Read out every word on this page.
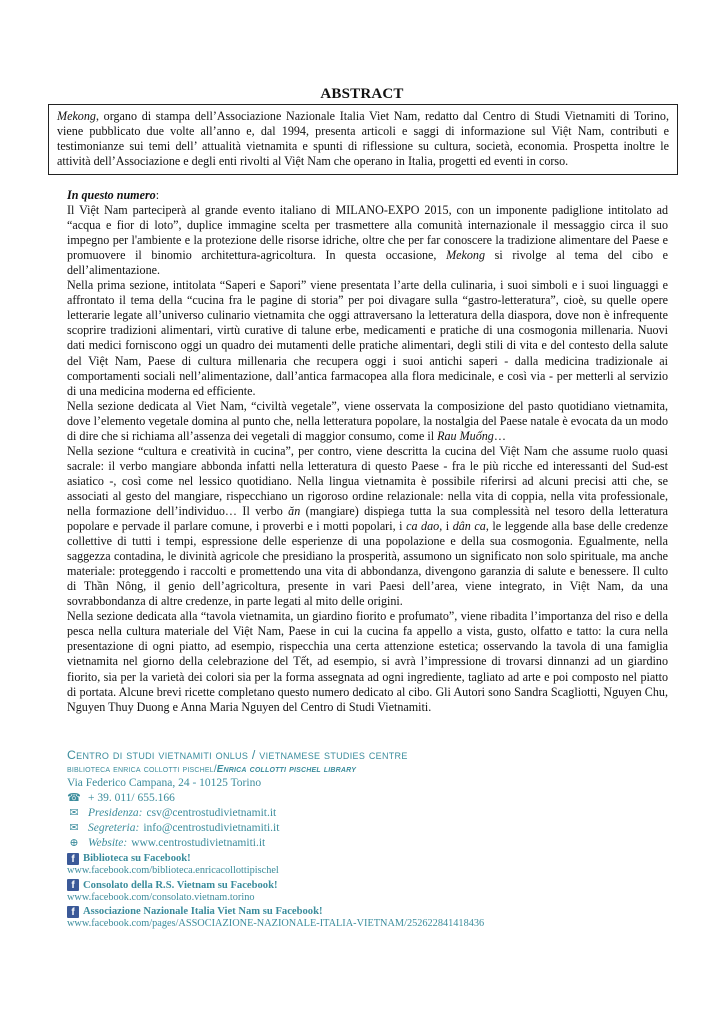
ABSTRACT
Mekong, organo di stampa dell’Associazione Nazionale Italia Viet Nam, redatto dal Centro di Studi Vietnamiti di Torino, viene pubblicato due volte all’anno e, dal 1994, presenta articoli e saggi di informazione sul Việt Nam, contributi e testimonianze sui temi dell’ attualità vietnamita e spunti di riflessione su cultura, società, economia. Prospetta inoltre le attività dell’Associazione e degli enti rivolti al Việt Nam che operano in Italia, progetti ed eventi in corso.

In questo numero:

Il Việt Nam parteciperà al grande evento italiano di MILANO-EXPO 2015, con un imponente padiglione intitolato ad “acqua e fior di loto”, duplice immagine scelta per trasmettere alla comunità internazionale il messaggio circa il suo impegno per l'ambiente e la protezione delle risorse idriche, oltre che per far conoscere la tradizione alimentare del Paese e promuovere il binomio architettura-agricoltura. In questa occasione, Mekong si rivolge al tema del cibo e dell’alimentazione.

Nella prima sezione, intitolata “Saperi e Sapori” viene presentata l’arte della culinaria, i suoi simboli e i suoi linguaggi e affrontato il tema della “cucina fra le pagine di storia” per poi divagare sulla “gastro-letteratura”, cioè, su quelle opere letterarie legate all’universo culinario vietnamita che oggi attraversano la letteratura della diaspora, dove non è infrequente scoprire tradizioni alimentari, virtù curative di talune erbe, medicamenti e pratiche di una cosmogonia millenaria. Nuovi dati medici forniscono oggi un quadro dei mutamenti delle pratiche alimentari, degli stili di vita e del contesto della salute del Việt Nam, Paese di cultura millenaria che recupera oggi i suoi antichi saperi - dalla medicina tradizionale ai comportamenti sociali nell’alimentazione, dall’antica farmacopea alla flora medicinale, e così via - per metterli al servizio di una medicina moderna ed efficiente.

Nella sezione dedicata al Viet Nam, “civiltà vegetale”, viene osservata la composizione del pasto quotidiano vietnamita, dove l’elemento vegetale domina al punto che, nella letteratura popolare, la nostalgia del Paese natale è evocata da un modo di dire che si richiama all’assenza dei vegetali di maggior consumo, come il Rau Muống…

Nella sezione “cultura e creatività in cucina”, per contro, viene descritta la cucina del Việt Nam che assume ruolo quasi sacrale: il verbo mangiare abbonda infatti nella letteratura di questo Paese - fra le più ricche ed interessanti del Sud-est asiatico -, così come nel lessico quotidiano. Nella lingua vietnamita è possibile riferirsi ad alcuni precisi atti che, se associati al gesto del mangiare, rispecchiano un rigoroso ordine relazionale: nella vita di coppia, nella vita professionale, nella formazione dell’individuo… Il verbo ăn (mangiare) dispiega tutta la sua complessità nel tesoro della letteratura popolare e pervade il parlare comune, i proverbi e i motti popolari, i ca dao, i dân ca, le leggende alla base delle credenze collettive di tutti i tempi, espressione delle esperienze di una popolazione e della sua cosmogonia. Egualmente, nella saggezza contadina, le divinità agricole che presidiano la prosperità, assumono un significato non solo spirituale, ma anche materiale: proteggendo i raccolti e promettendo una vita di abbondanza, divengono garanzia di salute e benessere. Il culto di Thần Nông, il genio dell’agricoltura, presente in vari Paesi dell’area, viene integrato, in Việt Nam, da una sovrabbondanza di altre credenze, in parte legati al mito delle origini.

Nella sezione dedicata alla “tavola vietnamita, un giardino fiorito e profumato”, viene ribadita l’importanza del riso e della pesca nella cultura materiale del Việt Nam, Paese in cui la cucina fa appello a vista, gusto, olfatto e tatto: la cura nella presentazione di ogni piatto, ad esempio, rispecchia una certa attenzione estetica; osservando la tavola di una famiglia vietnamita nel giorno della celebrazione del Tết, ad esempio, si avrà l’impressione di trovarsi dinnanzi ad un giardino fiorito, sia per la varietà dei colori sia per la forma assegnata ad ogni ingrediente, tagliato ad arte e poi composto nel piatto di portata. Alcune brevi ricette completano questo numero dedicato al cibo. Gli Autori sono Sandra Scagliotti, Nguyen Chu, Nguyen Thuy Duong e Anna Maria Nguyen del Centro di Studi Vietnamiti.

Centro di studi vietnamiti onlus / vietnamese studies centre
biblioteca enrica collotti pischel/Enrica collotti pischel library
Via Federico Campana, 24 - 10125 Torino
☎ + 39. 011/ 655.166
✉ Presidenza: csv@centrostudivietnamit.it
✉ Segreteria: info@centrostudivietnamiti.it
⊕ Website: www.centrostudivietnamiti.it
f Biblioteca su Facebook!
www.facebook.com/biblioteca.enricacollottipischel
f Consolato della R.S. Vietnam su Facebook!
www.facebook.com/consolato.vietnam.torino
f Associazione Nazionale Italia Viet Nam su Facebook!
www.facebook.com/pages/ASSOCIAZIONE-NAZIONALE-ITALIA-VIETNAM/252622841418436
